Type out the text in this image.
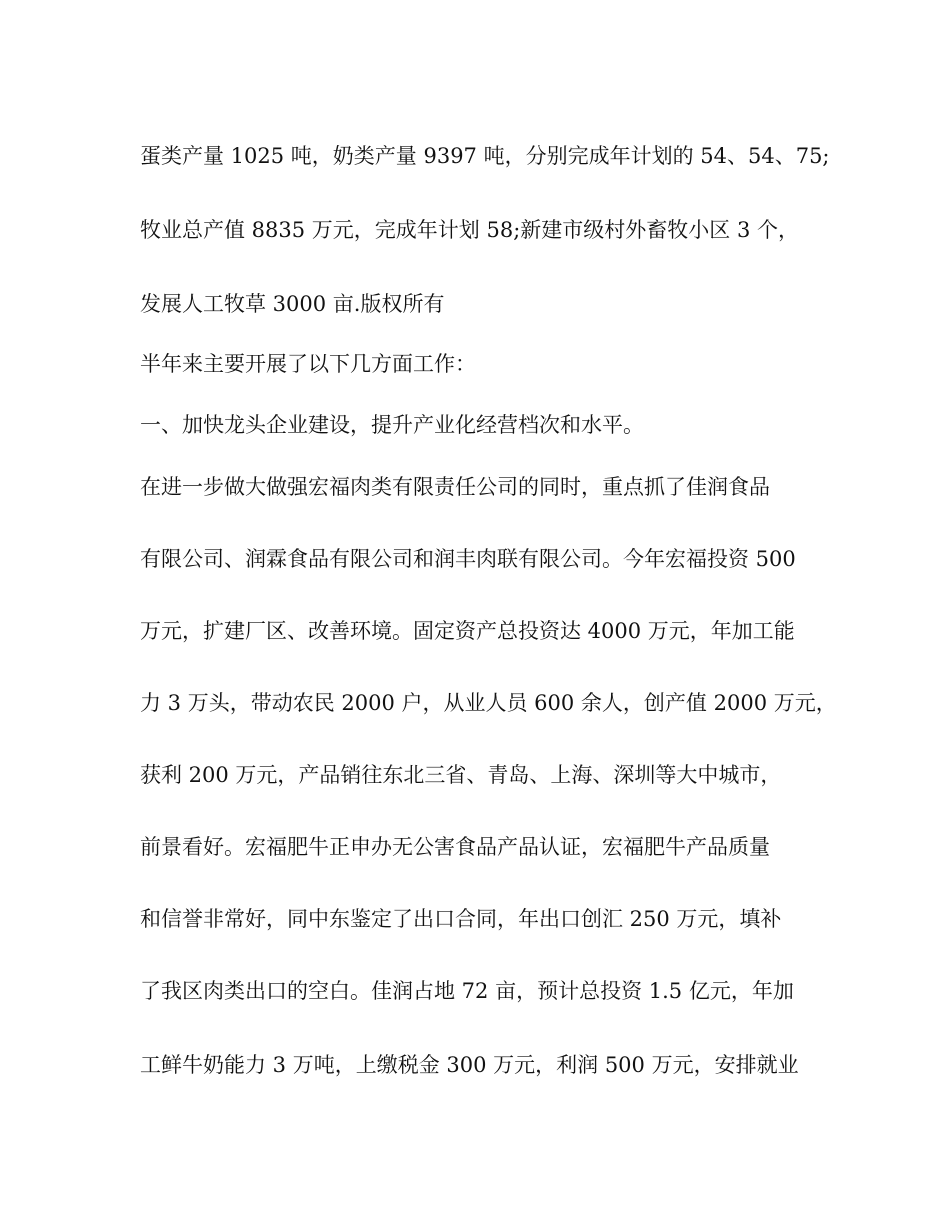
蛋类产量 1025 吨，奶类产量 9397 吨，分别完成年计划的 54、54、75;
牧业总产值 8835 万元，完成年计划 58;新建市级村外畜牧小区 3 个，
发展人工牧草 3000 亩.版权所有
半年来主要开展了以下几方面工作：
一、加快龙头企业建设，提升产业化经营档次和水平。
在进一步做大做强宏福肉类有限责任公司的同时，重点抓了佳润食品
有限公司、润霖食品有限公司和润丰肉联有限公司。今年宏福投资 500
万元，扩建厂区、改善环境。固定资产总投资达 4000 万元，年加工能
力 3 万头，带动农民 2000 户，从业人员 600 余人，创产值 2000 万元，
获利 200 万元，产品销往东北三省、青岛、上海、深圳等大中城市，
前景看好。宏福肥牛正申办无公害食品产品认证，宏福肥牛产品质量
和信誉非常好，同中东鉴定了出口合同，年出口创汇 250 万元，填补
了我区肉类出口的空白。佳润占地 72 亩，预计总投资 1.5 亿元，年加
工鲜牛奶能力 3 万吨，上缴税金 300 万元，利润 500 万元，安排就业
